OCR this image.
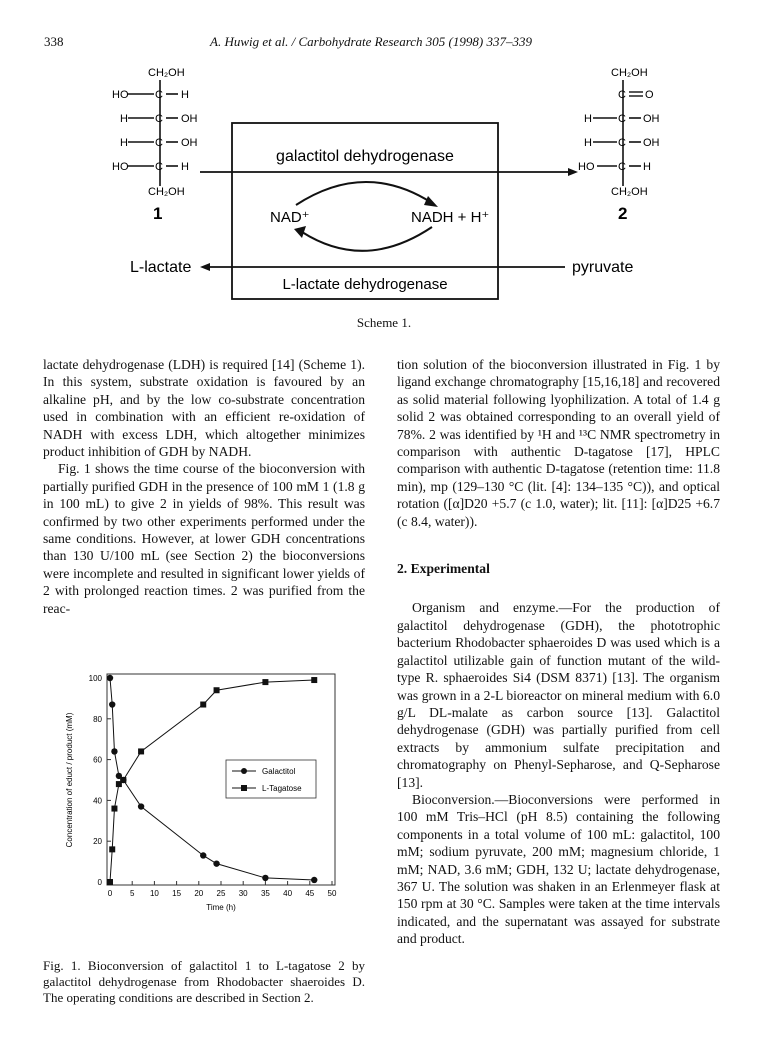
338	A. Huwig et al. / Carbohydrate Research 305 (1998) 337–339
CH₂OH
HO C H
H C OH
H C OH
HO C H
CH₂OH
1
CH₂OH
C O
H C OH
H C OH
HO C H
CH₂OH
2
galactitol dehydrogenase
NAD⁺	NADH + H⁺
L-lactate	pyruvate
L-lactate dehydrogenase
Scheme 1.

lactate dehydrogenase (LDH) is required [14] (Scheme 1). In this system, substrate oxidation is favoured by an alkaline pH, and by the low co-substrate concentration used in combination with an efficient re-oxidation of NADH with excess LDH, which altogether minimizes product inhibition of GDH by NADH.

Fig. 1 shows the time course of the bioconversion with partially purified GDH in the presence of 100 mM 1 (1.8 g in 100 mL) to give 2 in yields of 98%. This result was confirmed by two other experiments performed under the same conditions. However, at lower GDH concentrations than 130 U/100 mL (see Section 2) the bioconversions were incomplete and resulted in significant lower yields of 2 with prolonged reaction times. 2 was purified from the reac-

tion solution of the bioconversion illustrated in Fig. 1 by ligand exchange chromatography [15,16,18] and recovered as solid material following lyophilization. A total of 1.4 g solid 2 was obtained corresponding to an overall yield of 78%. 2 was identified by ¹H and ¹³C NMR spectrometry in comparison with authentic D-tagatose [17], HPLC comparison with authentic D-tagatose (retention time: 11.8 min), mp (129–130 °C (lit. [4]: 134–135 °C)), and optical rotation ([α]D20 +5.7 (c 1.0, water); lit. [11]: [α]D25 +6.7 (c 8.4, water)).

2. Experimental

Organism and enzyme.—For the production of galactitol dehydrogenase (GDH), the phototrophic bacterium Rhodobacter sphaeroides D was used which is a galactitol utilizable gain of function mutant of the wild-type R. sphaeroides Si4 (DSM 8371) [13]. The organism was grown in a 2-L bioreactor on mineral medium with 6.0 g/L DL-malate as carbon source [13]. Galactitol dehydrogenase (GDH) was partially purified from cell extracts by ammonium sulfate precipitation and chromatography on Phenyl-Sepharose, and Q-Sepharose [13].

Bioconversion.—Bioconversions were performed in 100 mM Tris–HCl (pH 8.5) containing the following components in a total volume of 100 mL: galactitol, 100 mM; sodium pyruvate, 200 mM; magnesium chloride, 1 mM; NAD, 3.6 mM; GDH, 132 U; lactate dehydrogenase, 367 U. The solution was shaken in an Erlenmeyer flask at 150 rpm at 30 °C. Samples were taken at the time intervals indicated, and the supernatant was assayed for substrate and product.

0 5 10 15 20 25 30 35 40 45 50
0
20
40
60
80
100
Galactitol
L-Tagatose
Time (h)
Concentration of educt / product (mM)
Fig. 1. Bioconversion of galactitol 1 to L-tagatose 2 by galactitol dehydrogenase from Rhodobacter shaeroides D. The operating conditions are described in Section 2.
